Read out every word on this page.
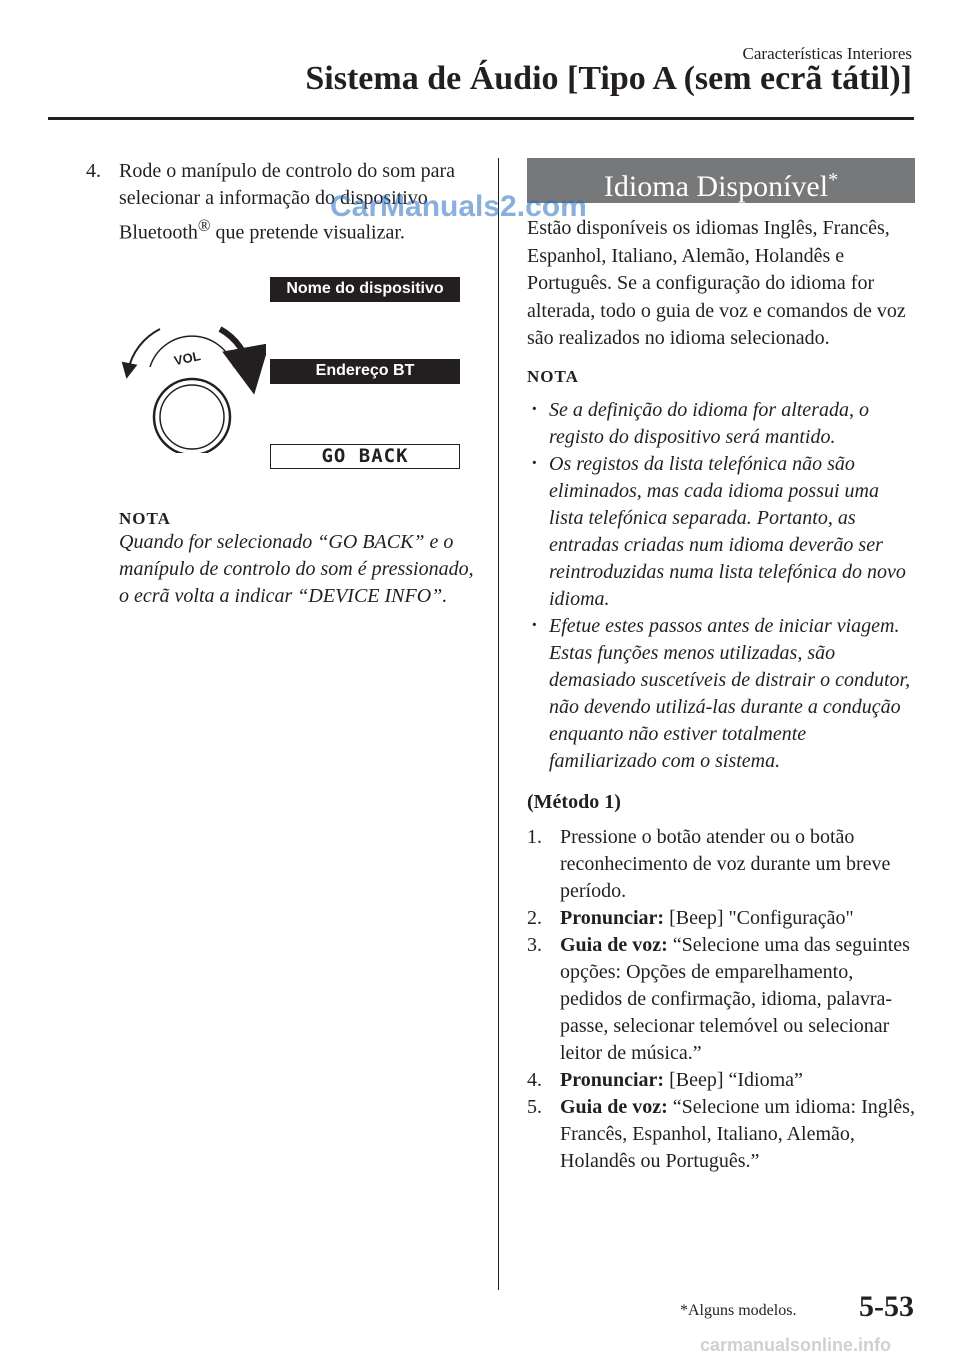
Características Interiores
Sistema de Áudio [Tipo A (sem ecrã tátil)]

4. Rode o manípulo de controlo do som para selecionar a informação do dispositivo Bluetooth® que pretende visualizar.

Nome do dispositivo
Endereço BT
GO BACK
VOL

NOTA

Quando for selecionado “GO BACK” e o manípulo de controlo do som é pressionado, o ecrã volta a indicar “DEVICE INFO”.

Idioma Disponível*

Estão disponíveis os idiomas Inglês, Francês, Espanhol, Italiano, Alemão, Holandês e Português. Se a configuração do idioma for alterada, todo o guia de voz e comandos de voz são realizados no idioma selecionado.

NOTA

· Se a definição do idioma for alterada, o registo do dispositivo será mantido.

· Os registos da lista telefónica não são eliminados, mas cada idioma possui uma lista telefónica separada. Portanto, as entradas criadas num idioma deverão ser reintroduzidas numa lista telefónica do novo idioma.

· Efetue estes passos antes de iniciar viagem. Estas funções menos utilizadas, são demasiado suscetíveis de distrair o condutor, não devendo utilizá-las durante a condução enquanto não estiver totalmente familiarizado com o sistema.

(Método 1)

1. Pressione o botão atender ou o botão reconhecimento de voz durante um breve período.

2. Pronunciar: [Beep] "Configuração"

3. Guia de voz: “Selecione uma das seguintes opções: Opções de emparelhamento, pedidos de confirmação, idioma, palavra-passe, selecionar telemóvel ou selecionar leitor de música.”

4. Pronunciar: [Beep] “Idioma”

5. Guia de voz: “Selecione um idioma: Inglês, Francês, Espanhol, Italiano, Alemão, Holandês ou Português.”

*Alguns modelos. 5-53
CarManuals2.com
carmanualsonline.info
